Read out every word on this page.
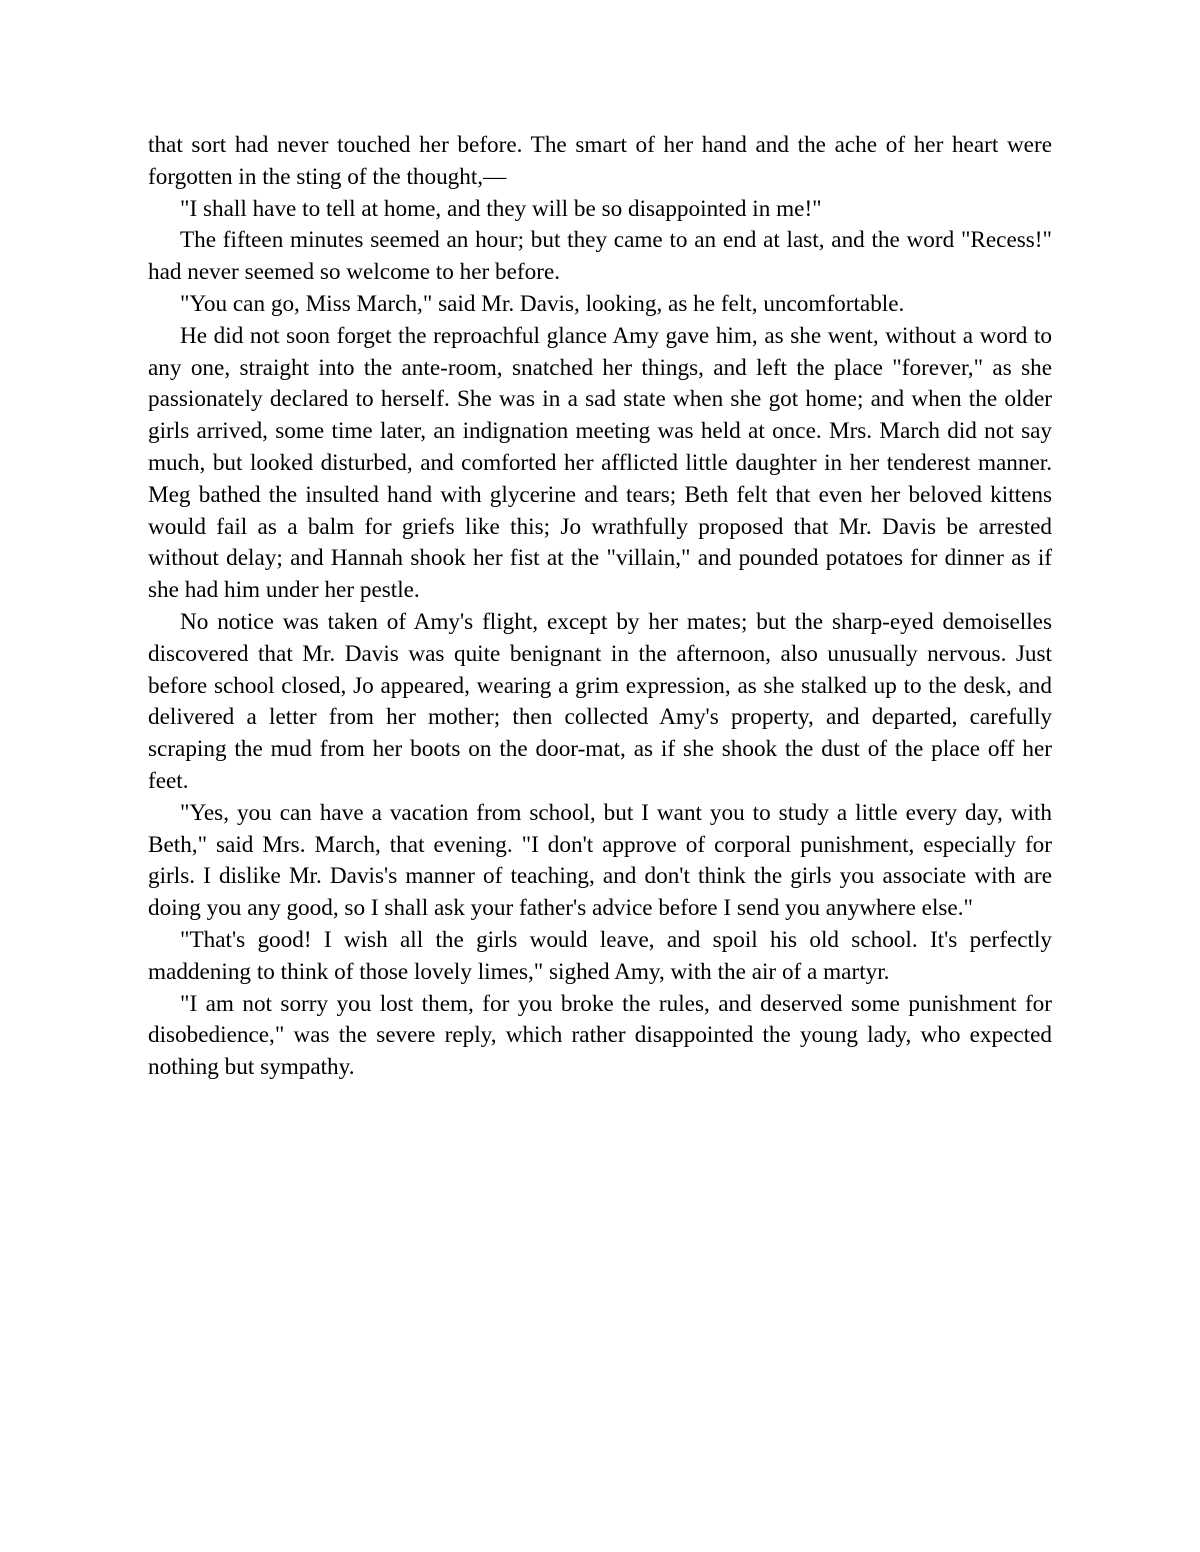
that sort had never touched her before. The smart of her hand and the ache of her heart were forgotten in the sting of the thought,—

"I shall have to tell at home, and they will be so disappointed in me!"

The fifteen minutes seemed an hour; but they came to an end at last, and the word "Recess!" had never seemed so welcome to her before.

"You can go, Miss March," said Mr. Davis, looking, as he felt, uncomfortable.

He did not soon forget the reproachful glance Amy gave him, as she went, without a word to any one, straight into the ante-room, snatched her things, and left the place "forever," as she passionately declared to herself. She was in a sad state when she got home; and when the older girls arrived, some time later, an indignation meeting was held at once. Mrs. March did not say much, but looked disturbed, and comforted her afflicted little daughter in her tenderest manner. Meg bathed the insulted hand with glycerine and tears; Beth felt that even her beloved kittens would fail as a balm for griefs like this; Jo wrathfully proposed that Mr. Davis be arrested without delay; and Hannah shook her fist at the "villain," and pounded potatoes for dinner as if she had him under her pestle.

No notice was taken of Amy's flight, except by her mates; but the sharp-eyed demoiselles discovered that Mr. Davis was quite benignant in the afternoon, also unusually nervous. Just before school closed, Jo appeared, wearing a grim expression, as she stalked up to the desk, and delivered a letter from her mother; then collected Amy's property, and departed, carefully scraping the mud from her boots on the door-mat, as if she shook the dust of the place off her feet.

"Yes, you can have a vacation from school, but I want you to study a little every day, with Beth," said Mrs. March, that evening. "I don't approve of corporal punishment, especially for girls. I dislike Mr. Davis's manner of teaching, and don't think the girls you associate with are doing you any good, so I shall ask your father's advice before I send you anywhere else."

"That's good! I wish all the girls would leave, and spoil his old school. It's perfectly maddening to think of those lovely limes," sighed Amy, with the air of a martyr.

"I am not sorry you lost them, for you broke the rules, and deserved some punishment for disobedience," was the severe reply, which rather disappointed the young lady, who expected nothing but sympathy.
